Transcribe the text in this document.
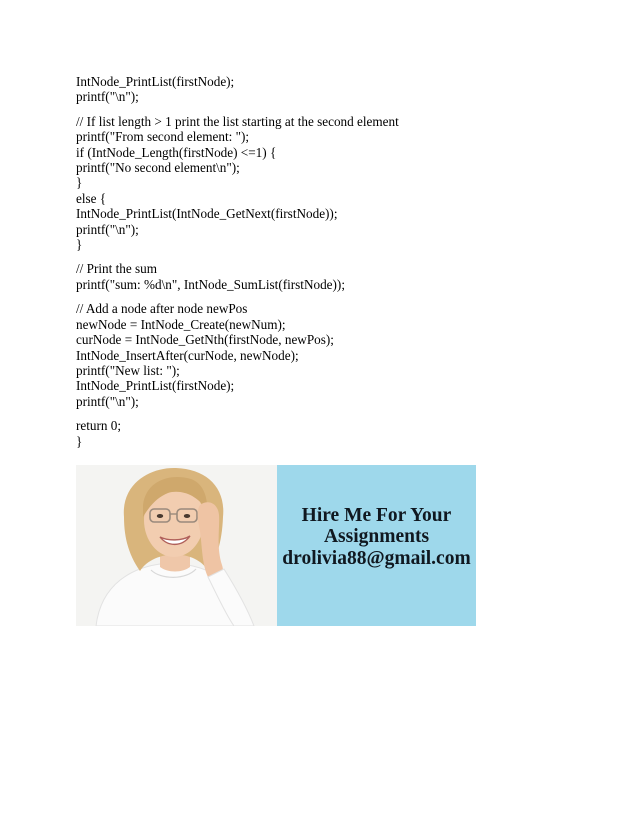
IntNode_PrintList(firstNode);
printf("\n");
// If list length > 1 print the list starting at the second element
printf("From second element: ");
if (IntNode_Length(firstNode) <=1) {
printf("No second element\n");
}
else {
IntNode_PrintList(IntNode_GetNext(firstNode));
printf("\n");
}
// Print the sum
printf("sum: %d\n", IntNode_SumList(firstNode));
// Add a node after node newPos
newNode = IntNode_Create(newNum);
curNode = IntNode_GetNth(firstNode, newPos);
IntNode_InsertAfter(curNode, newNode);
printf("New list: ");
IntNode_PrintList(firstNode);
printf("\n");
return 0;
}
Hire Me For Your
Assignments
drolivia88@gmail.com
